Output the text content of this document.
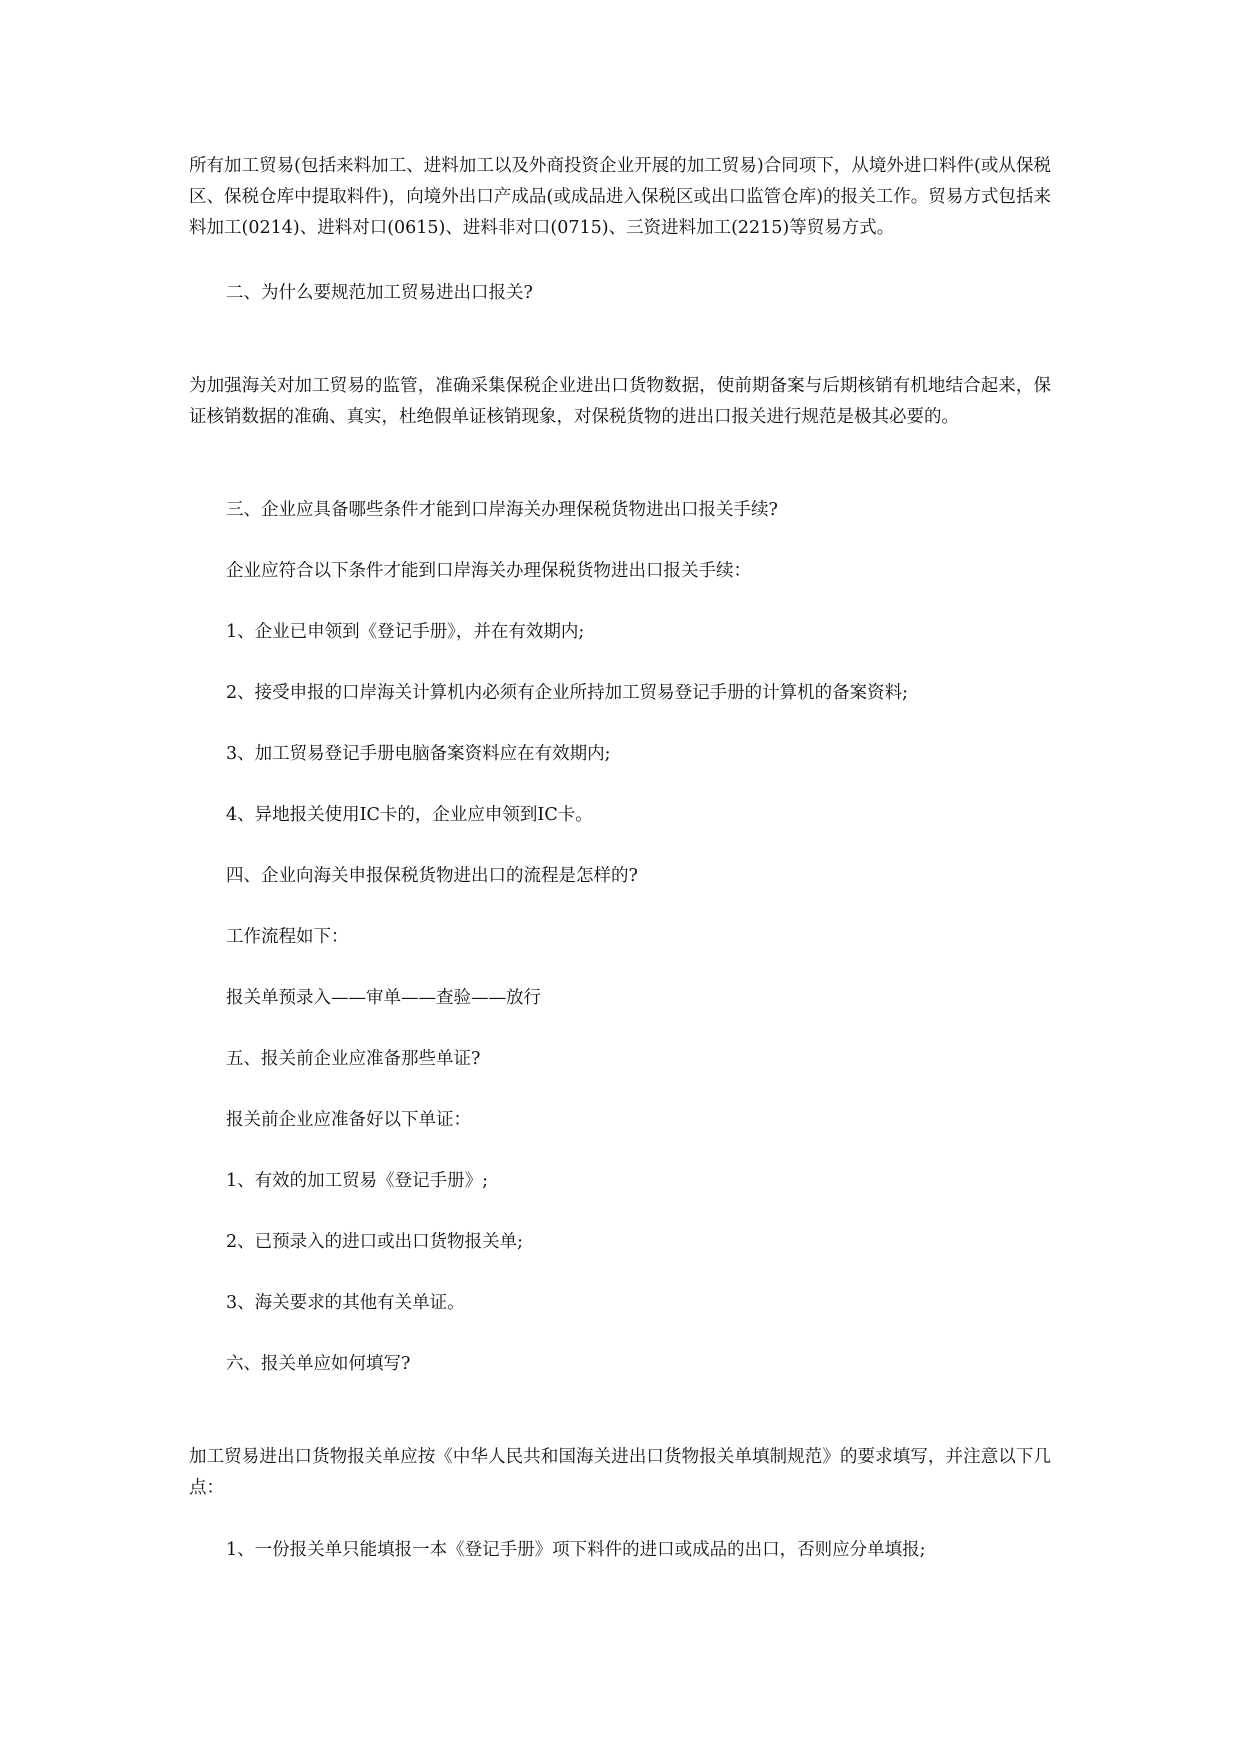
所有加工贸易(包括来料加工、进料加工以及外商投资企业开展的加工贸易)合同项下，从境外进口料件(或从保税区、保税仓库中提取料件)，向境外出口产成品(或成品进入保税区或出口监管仓库)的报关工作。贸易方式包括来料加工(0214)、进料对口(0615)、进料非对口(0715)、三资进料加工(2215)等贸易方式。

二、为什么要规范加工贸易进出口报关?

为加强海关对加工贸易的监管，准确采集保税企业进出口货物数据，使前期备案与后期核销有机地结合起来，保证核销数据的准确、真实，杜绝假单证核销现象，对保税货物的进出口报关进行规范是极其必要的。

三、企业应具备哪些条件才能到口岸海关办理保税货物进出口报关手续?

企业应符合以下条件才能到口岸海关办理保税货物进出口报关手续：

1、企业已申领到《登记手册》，并在有效期内;

2、接受申报的口岸海关计算机内必须有企业所持加工贸易登记手册的计算机的备案资料;

3、加工贸易登记手册电脑备案资料应在有效期内;

4、异地报关使用IC卡的，企业应申领到IC卡。

四、企业向海关申报保税货物进出口的流程是怎样的?

工作流程如下：

报关单预录入——审单——查验——放行

五、报关前企业应准备那些单证?

报关前企业应准备好以下单证：

1、有效的加工贸易《登记手册》;

2、已预录入的进口或出口货物报关单;

3、海关要求的其他有关单证。

六、报关单应如何填写?

加工贸易进出口货物报关单应按《中华人民共和国海关进出口货物报关单填制规范》的要求填写，并注意以下几点：

1、一份报关单只能填报一本《登记手册》项下料件的进口或成品的出口，否则应分单填报;
